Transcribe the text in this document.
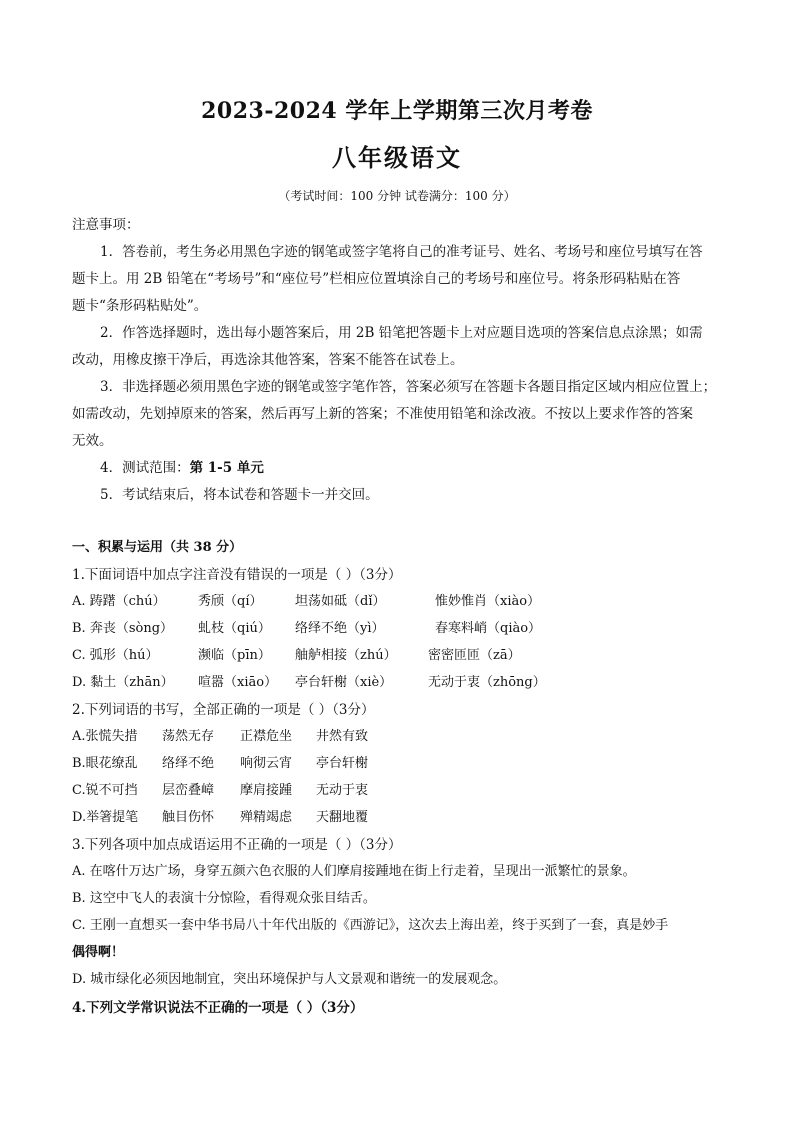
2023-2024 学年上学期第三次月考卷
八年级语文
（考试时间：100 分钟 试卷满分：100 分）
注意事项：
1．答卷前，考生务必用黑色字迹的钢笔或签字笔将自己的准考证号、姓名、考场号和座位号填写在答
题卡上。用 2B 铅笔在“考场号”和“座位号”栏相应位置填涂自己的考场号和座位号。将条形码粘贴在答
题卡“条形码粘贴处”。
2．作答选择题时，选出每小题答案后，用 2B 铅笔把答题卡上对应题目选项的答案信息点涂黑；如需
改动，用橡皮擦干净后，再选涂其他答案，答案不能答在试卷上。
3．非选择题必须用黑色字迹的钢笔或签字笔作答，答案必须写在答题卡各题目指定区域内相应位置上；
如需改动，先划掉原来的答案，然后再写上新的答案；不准使用铅笔和涂改液。不按以上要求作答的答案
无效。
4．测试范围：第 1-5 单元
5．考试结束后，将本试卷和答题卡一并交回。
一、积累与运用（共 38 分）
1.下面词语中加点字注音没有错误的一项是（ ）（3分）
A. 踌躇（chú） 秀颀（qí）	坦荡如砥（dǐ）	惟妙惟肖（xiào）
B. 奔丧（sòng） 虬枝（qiú） 络绎不绝（yì）	春寒料峭（qiào）
C. 弧形（hú）	濒临（pīn） 舳舻相接（zhú） 密密匝匝（zā）
D. 黏土（zhān） 喧嚣（xiāo） 亭台轩榭（xiè）	无动于衷（zhōng）
2.下列词语的书写，全部正确的一项是（ ）（3分）
A.张慌失措 荡然无存 正襟危坐 井然有致
B.眼花缭乱 络绎不绝 响彻云宵 亭台轩榭
C.锐不可挡 层峦叠嶂 摩肩接踵 无动于衷
D.举箸提笔 触目伤怀 殚精竭虑 天翻地覆
3.下列各项中加点成语运用不正确的一项是（ ）（3分）
A. 在喀什万达广场，身穿五颜六色衣服的人们摩肩接踵地在街上行走着，呈现出一派繁忙的景象。
B. 这空中飞人的表演十分惊险，看得观众张目结舌。
C. 王刚一直想买一套中华书局八十年代出版的《西游记》，这次去上海出差，终于买到了一套，真是妙手
偶得啊！
D. 城市绿化必须因地制宜，突出环境保护与人文景观和谐统一的发展观念。
4.下列文学常识说法不正确的一项是（ ）（3分）
